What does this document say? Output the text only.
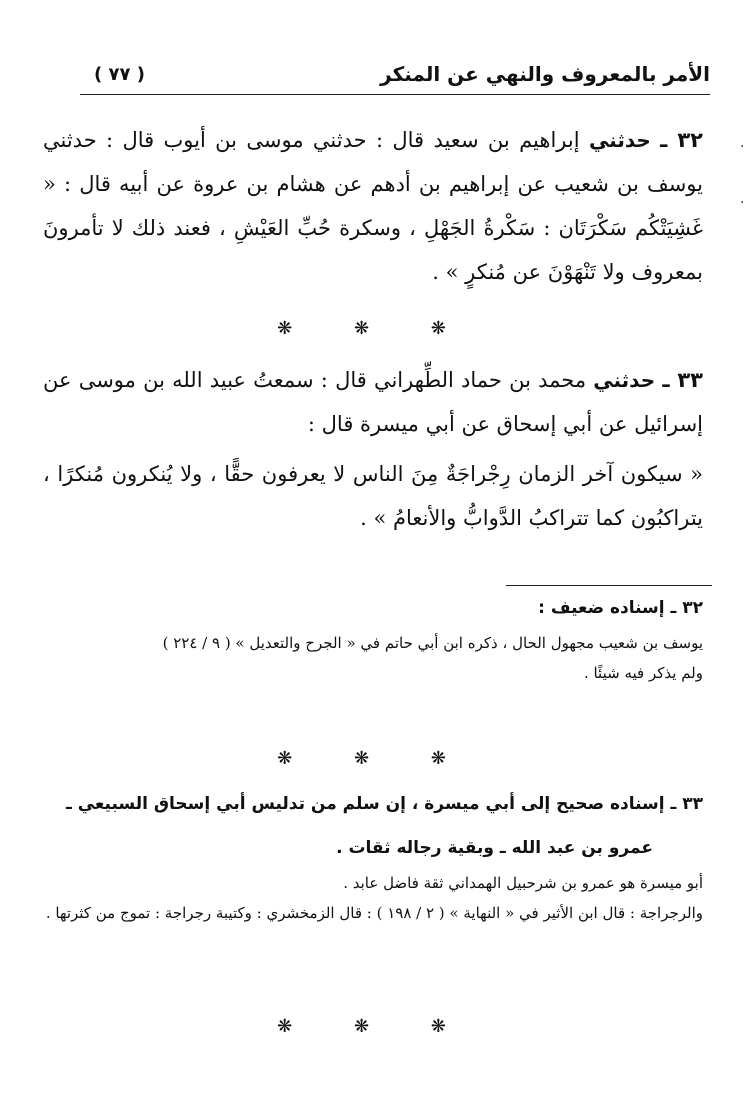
الأمر بالمعروف والنهي عن المنكر
( ٧٧ )
.
·
٣٢ ـ حدثني إبراهيم بن سعيد قال : حدثني موسى بن أيوب قال : حدثني يوسف بن شعيب عن إبراهيم بن أدهم عن هشام بن عروة عن أبيه قال : « غَشِيَتْكُم سَكْرَتَان : سَكْرةُ الجَهْلِ ، وسكرة حُبِّ العَيْشِ ، فعند ذلك لا تأمرونَ بمعروف ولا تَنْهَوْنَ عن مُنكرٍ » .
❋ ❋ ❋
٣٣ ـ حدثني محمد بن حماد الطِّهراني قال : سمعتُ عبيد الله بن موسى عن إسرائيل عن أبي إسحاق عن أبي ميسرة قال :
« سيكون آخر الزمان رِجْراجَةٌ مِنَ الناس لا يعرفون حقًّا ، ولا يُنكرون مُنكرًا ، يتراكبُون كما تتراكبُ الدَّوابُّ والأنعامُ » .
٣٢ ـ إسناده ضعيف :
يوسف بن شعيب مجهول الحال ، ذكره ابن أبي حاتم في « الجرح والتعديل » ( ٩ / ٢٢٤ )
ولم يذكر فيه شيئًا .
❋ ❋ ❋
٣٣ ـ إسناده صحيح إلى أبي ميسرة ، إن سلم من تدليس أبي إسحاق السبيعي ـ
عمرو بن عبد الله ـ وبقية رجاله ثقات .
أبو ميسرة هو عمرو بن شرحبيل الهمداني ثقة فاضل عابد .
والرجراجة : قال ابن الأثير في « النهاية » ( ٢ / ١٩٨ ) : قال الزمخشري : وكتيبة رجراجة : تموج من كثرتها .
❋ ❋ ❋
